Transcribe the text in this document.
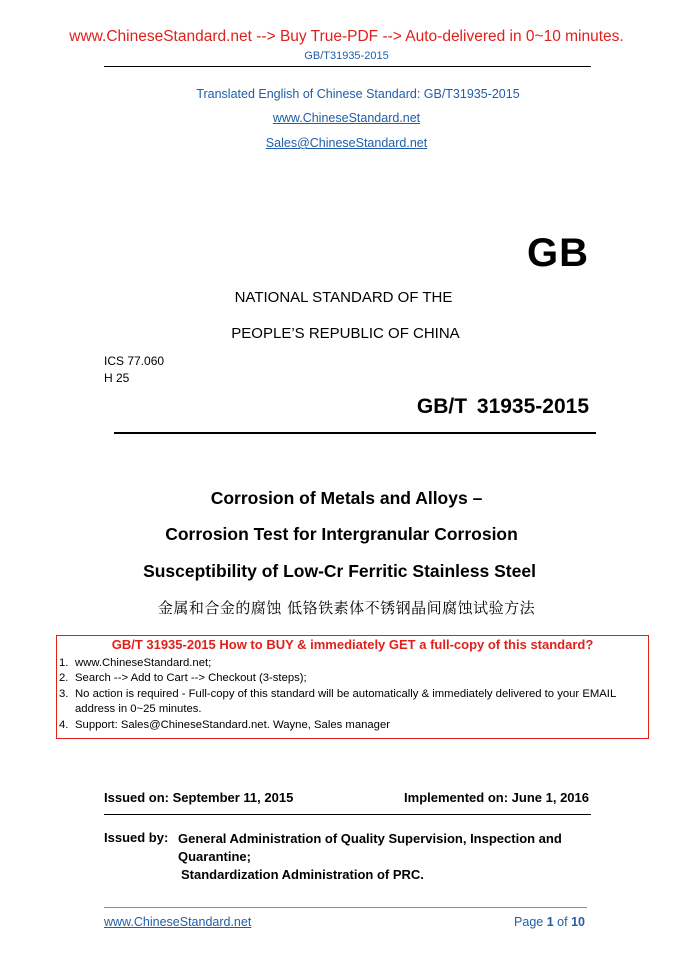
www.ChineseStandard.net --> Buy True-PDF --> Auto-delivered in 0~10 minutes.
GB/T31935-2015
Translated English of Chinese Standard: GB/T31935-2015
www.ChineseStandard.net
Sales@ChineseStandard.net
GB
NATIONAL STANDARD OF THE
PEOPLE’S REPUBLIC OF CHINA
ICS 77.060
H 25
GB/T 31935-2015
Corrosion of Metals and Alloys –
Corrosion Test for Intergranular Corrosion
Susceptibility of Low-Cr Ferritic Stainless Steel
金属和合金的腐蚀 低铬铁素体不锈钢晶间腐蚀试验方法
GB/T 31935-2015 How to BUY & immediately GET a full-copy of this standard?
1. www.ChineseStandard.net;
2. Search --> Add to Cart --> Checkout (3-steps);
3. No action is required - Full-copy of this standard will be automatically & immediately delivered to your EMAIL address in 0~25 minutes.
4. Support: Sales@ChineseStandard.net. Wayne, Sales manager
Issued on: September 11, 2015	Implemented on: June 1, 2016
Issued by: General Administration of Quality Supervision, Inspection and
Quarantine;
Standardization Administration of PRC.
www.ChineseStandard.net	Page 1 of 10
